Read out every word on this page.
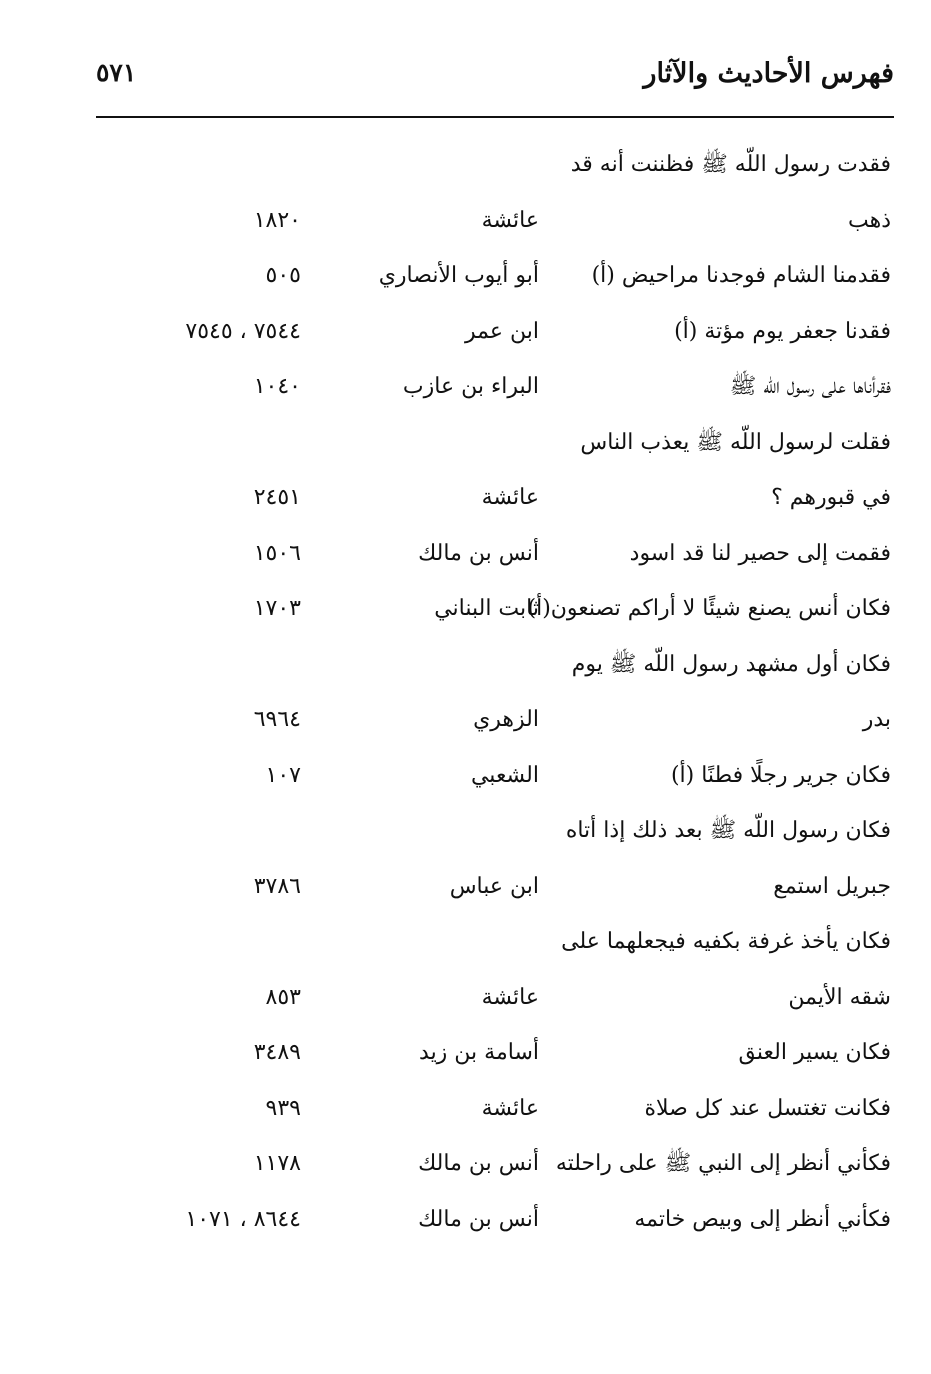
فهرس الأحاديث والآثار
٥٧١
فقدت رسول اللّه ﷺ فظننت أنه قد
ذهب
عائشة
١٨٢٠
فقدمنا الشام فوجدنا مراحيض (أ)
أبو أيوب الأنصاري
٥٠٥
فقدنا جعفر يوم مؤتة (أ)
ابن عمر
٧٥٤٤ ، ٧٥٤٥
فقرأناها على رسول اللّه ﷺ
البراء بن عازب
١٠٤٠
فقلت لرسول اللّه ﷺ يعذب الناس
في قبورهم ؟
عائشة
٢٤٥١
فقمت إلى حصير لنا قد اسود
أنس بن مالك
١٥٠٦
فكان أنس يصنع شيئًا لا أراكم تصنعون(أ)
ثابت البناني
١٧٠٣
فكان أول مشهد رسول اللّه ﷺ يوم
بدر
الزهري
٦٩٦٤
فكان جرير رجلًا فطنًا (أ)
الشعبي
١٠٧
فكان رسول اللّه ﷺ بعد ذلك إذا أتاه
جبريل استمع
ابن عباس
٣٧٨٦
فكان يأخذ غرفة بكفيه فيجعلهما على
شقه الأيمن
عائشة
٨٥٣
فكان يسير العنق
أسامة بن زيد
٣٤٨٩
فكانت تغتسل عند كل صلاة
عائشة
٩٣٩
فكأني أنظر إلى النبي ﷺ على راحلته
أنس بن مالك
١١٧٨
فكأني أنظر إلى وبيص خاتمه
أنس بن مالك
٨٦٤٤ ، ١٠٧١
